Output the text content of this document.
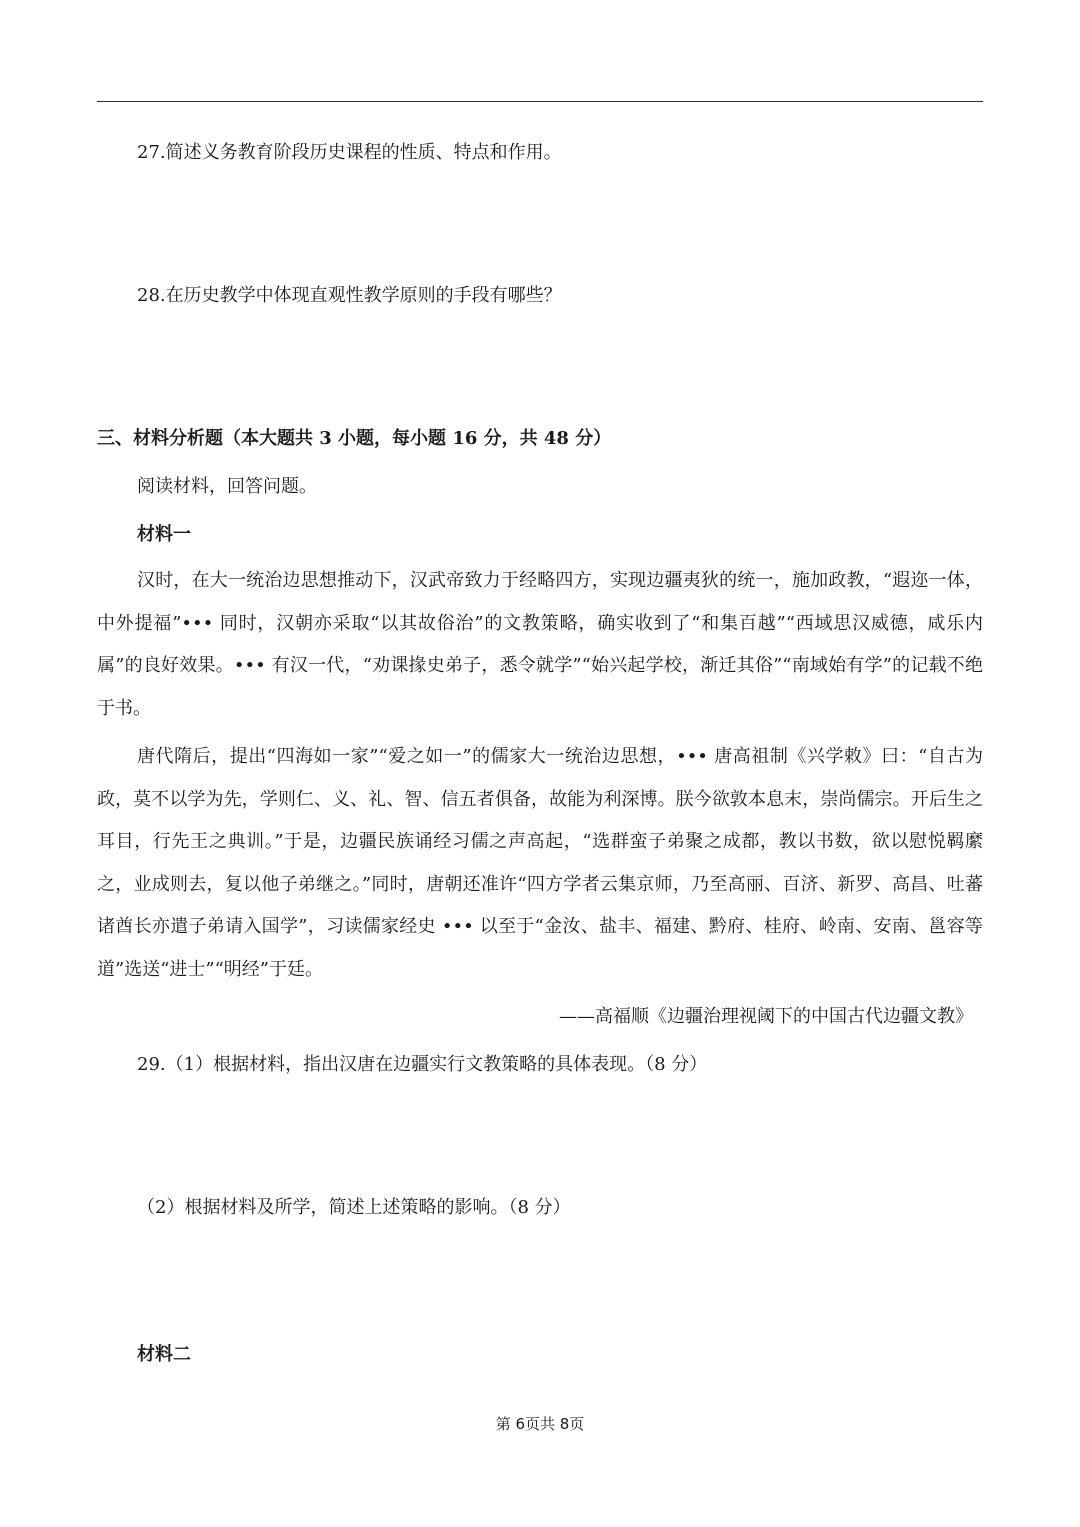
27.简述义务教育阶段历史课程的性质、特点和作用。
28.在历史教学中体现直观性教学原则的手段有哪些？
三、材料分析题（本大题共 3 小题，每小题 16 分，共 48 分）
阅读材料，回答问题。
材料一

汉时，在大一统治边思想推动下，汉武帝致力于经略四方，实现边疆夷狄的统一，施加政教，“遐迩一体，中外提福”••• 同时，汉朝亦采取“以其故俗治”的文教策略，确实收到了“和集百越”“西域思汉威德，咸乐内属”的良好效果。••• 有汉一代，“劝课掾史弟子，悉令就学”“始兴起学校，渐迁其俗”“南域始有学”的记载不绝于书。

唐代隋后，提出“四海如一家”“爱之如一”的儒家大一统治边思想，••• 唐高祖制《兴学敕》曰：“自古为政，莫不以学为先，学则仁、义、礼、智、信五者俱备，故能为利深博。朕今欲敦本息末，崇尚儒宗。开后生之耳目，行先王之典训。”于是，边疆民族诵经习儒之声高起，“选群蛮子弟聚之成都，教以书数，欲以慰悦羁縻之，业成则去，复以他子弟继之。”同时，唐朝还准许“四方学者云集京师，乃至高丽、百济、新罗、高昌、吐蕃诸酋长亦遣子弟请入国学”，习读儒家经史 ••• 以至于“金汝、盐丰、福建、黔府、桂府、岭南、安南、邕容等道”选送“进士”“明经”于廷。

——高福顺《边疆治理视阈下的中国古代边疆文教》
29.（1）根据材料，指出汉唐在边疆实行文教策略的具体表现。（8 分）
（2）根据材料及所学，简述上述策略的影响。（8 分）
材料二
第 6页共 8页
